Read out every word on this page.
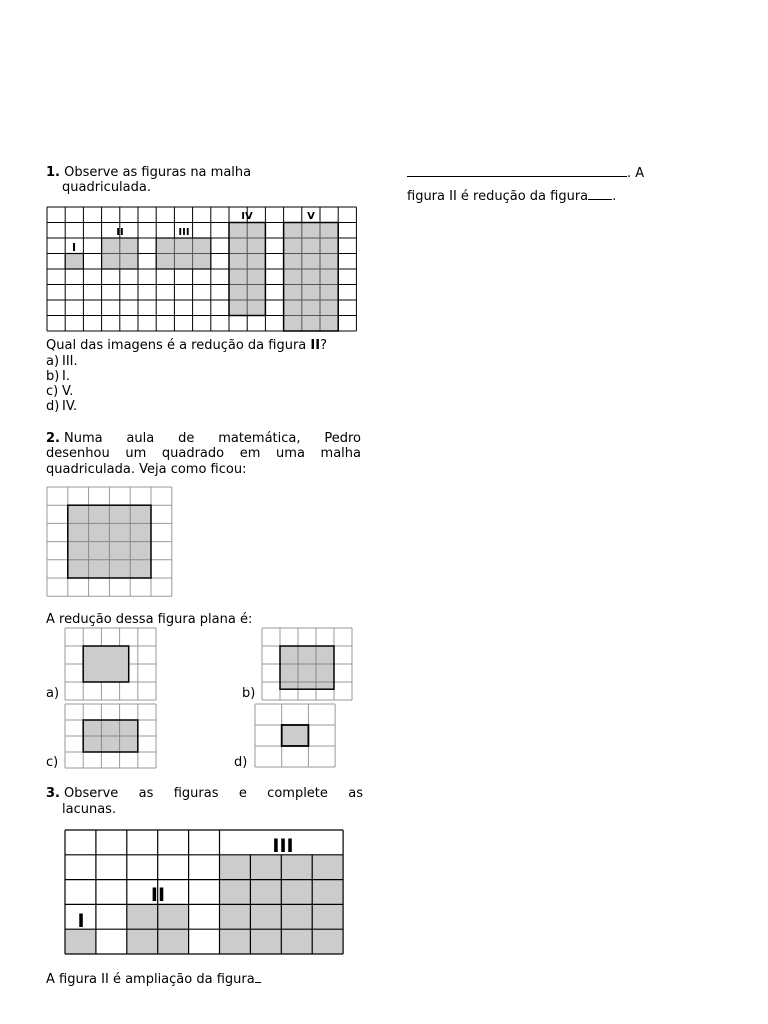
1. Observe as figuras na malha
quadriculada.
I
II	III
IV	V
Qual das imagens é a redução da figura II?
a) III.
b) I.
c) V.
d) IV.
2. Numa aula de matemática, Pedro
desenhou um quadrado em uma malha
quadriculada. Veja como ficou:
A redução dessa figura plana é:
a)	b)
c)	d)
3. Observe as figuras e complete as
lacunas.
I
II
III
A figura II é ampliação da figura
. A
figura II é redução da figura .
